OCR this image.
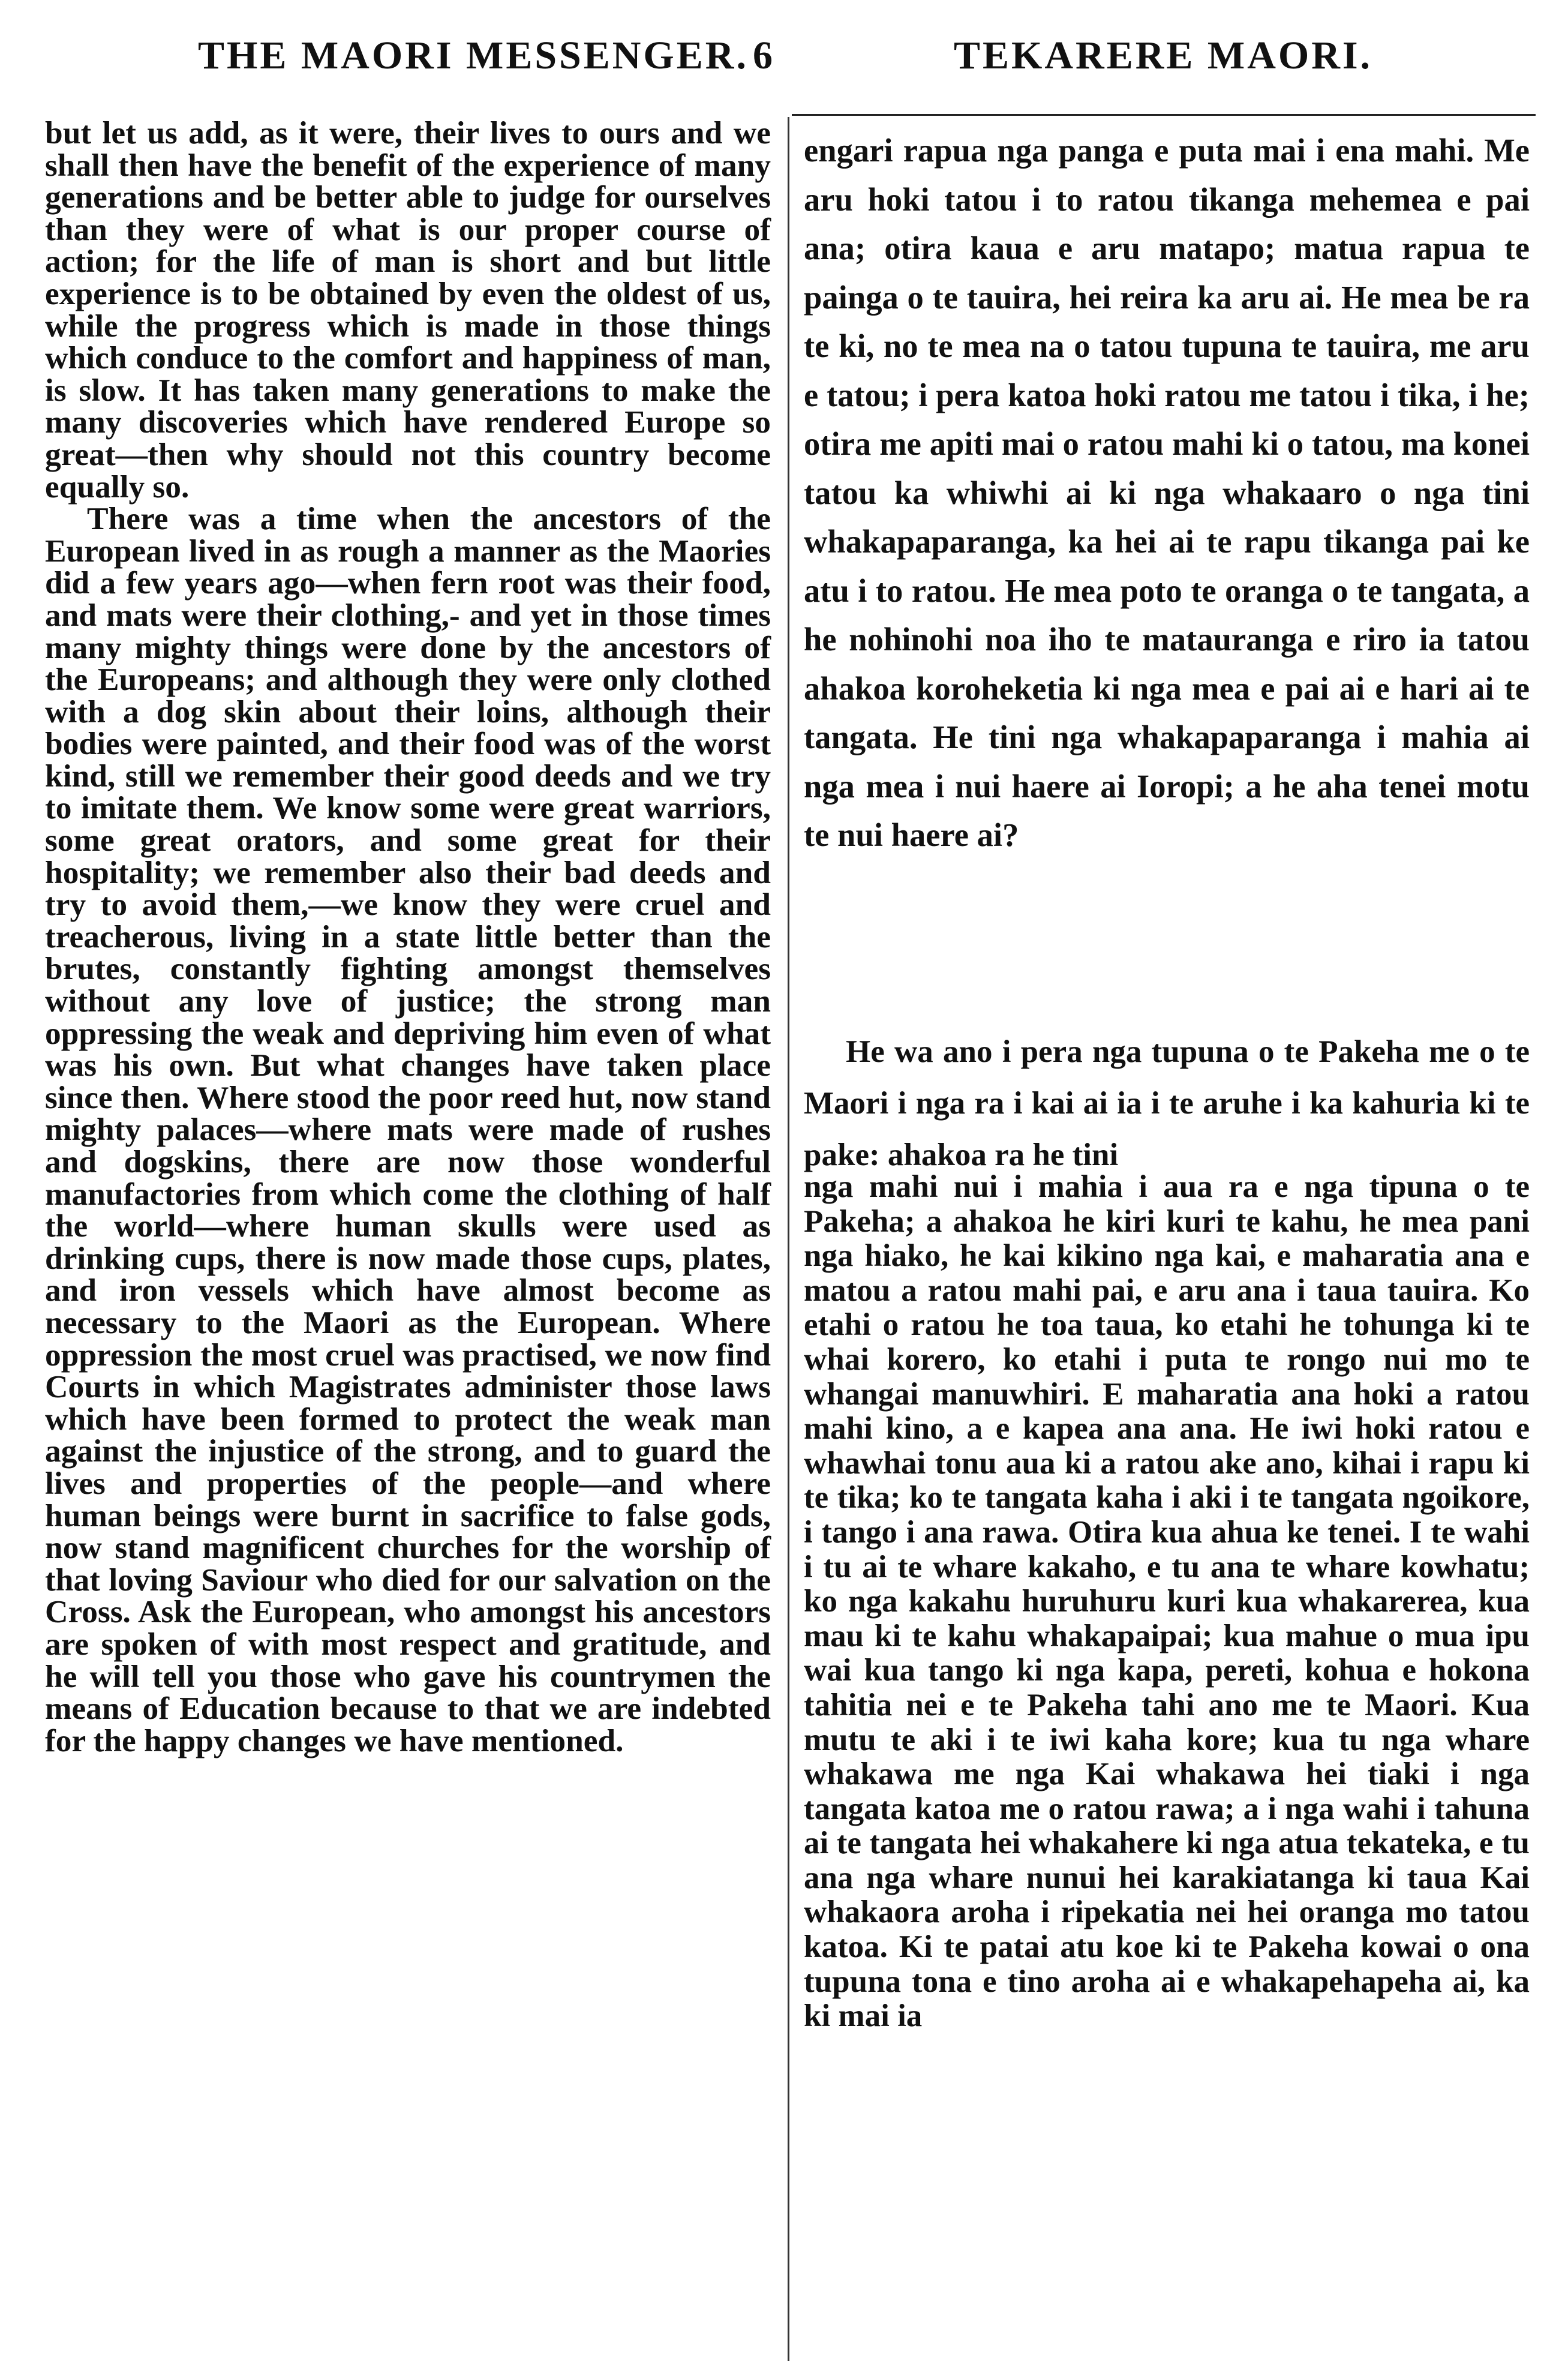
THE MAORI MESSENGER. 6	TEKARERE MAORI.

but let us add, as it were, their lives to ours and we shall then have the benefit of the experience of many generations and be better able to judge for ourselves than they were of what is our proper course of action; for the life of man is short and but little experience is to be obtained by even the oldest of us, while the progress which is made in those things which conduce to the comfort and happiness of man, is slow. It has taken many generations to make the many discoveries which have rendered Europe so great—then why should not this country become equally so.

There was a time when the ancestors of the European lived in as rough a manner as the Maories did a few years ago—when fern root was their food, and mats were their clothing,- and yet in those times many mighty things were done by the ancestors of the Europeans; and although they were only clothed with a dog skin about their loins, although their bodies were painted, and their food was of the worst kind, still we remember their good deeds and we try to imitate them. We know some were great warriors, some great orators, and some great for their hospitality; we remember also their bad deeds and try to avoid them,—we know they were cruel and treacherous, living in a state little better than the brutes, constantly fighting amongst themselves without any love of justice; the strong man oppressing the weak and depriving him even of what was his own. But what changes have taken place since then. Where stood the poor reed hut, now stand mighty palaces—where mats were made of rushes and dogskins, there are now those wonderful manufactories from which come the clothing of half the world—where human skulls were used as drinking cups, there is now made those cups, plates, and iron vessels which have almost become as necessary to the Maori as the European. Where oppression the most cruel was practised, we now find Courts in which Magistrates administer those laws which have been formed to protect the weak man against the injustice of the strong, and to guard the lives and properties of the people—and where human beings were burnt in sacrifice to false gods, now stand magnificent churches for the worship of that loving Saviour who died for our salvation on the Cross. Ask the European, who amongst his ancestors are spoken of with most respect and gratitude, and he will tell you those who gave his countrymen the means of Education because to that we are indebted for the happy changes we have mentioned.

engari rapua nga panga e puta mai i ena mahi. Me aru hoki tatou i to ratou tikanga mehemea e pai ana; otira kaua e aru matapo; matua rapua te painga o te tauira, hei reira ka aru ai. He mea be ra te ki, no te mea na o tatou tupuna te tauira, me aru e tatou; i pera katoa hoki ratou me tatou i tika, i he; otira me apiti mai o ratou mahi ki o tatou, ma konei tatou ka whiwhi ai ki nga whakaaro o nga tini whakapaparanga, ka hei ai te rapu tikanga pai ke atu i to ratou. He mea poto te oranga o te tangata, a he nohinohi noa iho te matauranga e riro ia tatou ahakoa koroheketia ki nga mea e pai ai e hari ai te tangata. He tini nga whakapaparanga i mahia ai nga mea i nui haere ai Ioropi; a he aha tenei motu te nui haere ai?

He wa ano i pera nga tupuna o te Pakeha me o te Maori i nga ra i kai ai ia i te aruhe i ka kahuria ki te pake: ahakoa ra he tini

nga mahi nui i mahia i aua ra e nga tipuna o te Pakeha; a ahakoa he kiri kuri te kahu, he mea pani nga hiako, he kai kikino nga kai, e maharatia ana e matou a ratou mahi pai, e aru ana i taua tauira. Ko etahi o ratou he toa taua, ko etahi he tohunga ki te whai korero, ko etahi i puta te rongo nui mo te whangai manuwhiri. E maharatia ana hoki a ratou mahi kino, a e kapea ana ana. He iwi hoki ratou e whawhai tonu aua ki a ratou ake ano, kihai i rapu ki te tika; ko te tangata kaha i aki i te tangata ngoikore, i tango i ana rawa. Otira kua ahua ke tenei. I te wahi i tu ai te whare kakaho, e tu ana te whare kowhatu; ko nga kakahu huruhuru kuri kua whakarerea, kua mau ki te kahu whakapaipai; kua mahue o mua ipu wai kua tango ki nga kapa, pereti, kohua e hokona tahitia nei e te Pakeha tahi ano me te Maori. Kua mutu te aki i te iwi kaha kore; kua tu nga whare whakawa me nga Kai whakawa hei tiaki i nga tangata katoa me o ratou rawa; a i nga wahi i tahuna ai te tangata hei whakahere ki nga atua tekateka, e tu ana nga whare nunui hei karakiatanga ki taua Kai whakaora aroha i ripekatia nei hei oranga mo tatou katoa. Ki te patai atu koe ki te Pakeha kowai o ona tupuna tona e tino aroha ai e whakapehapeha ai, ka ki mai ia
